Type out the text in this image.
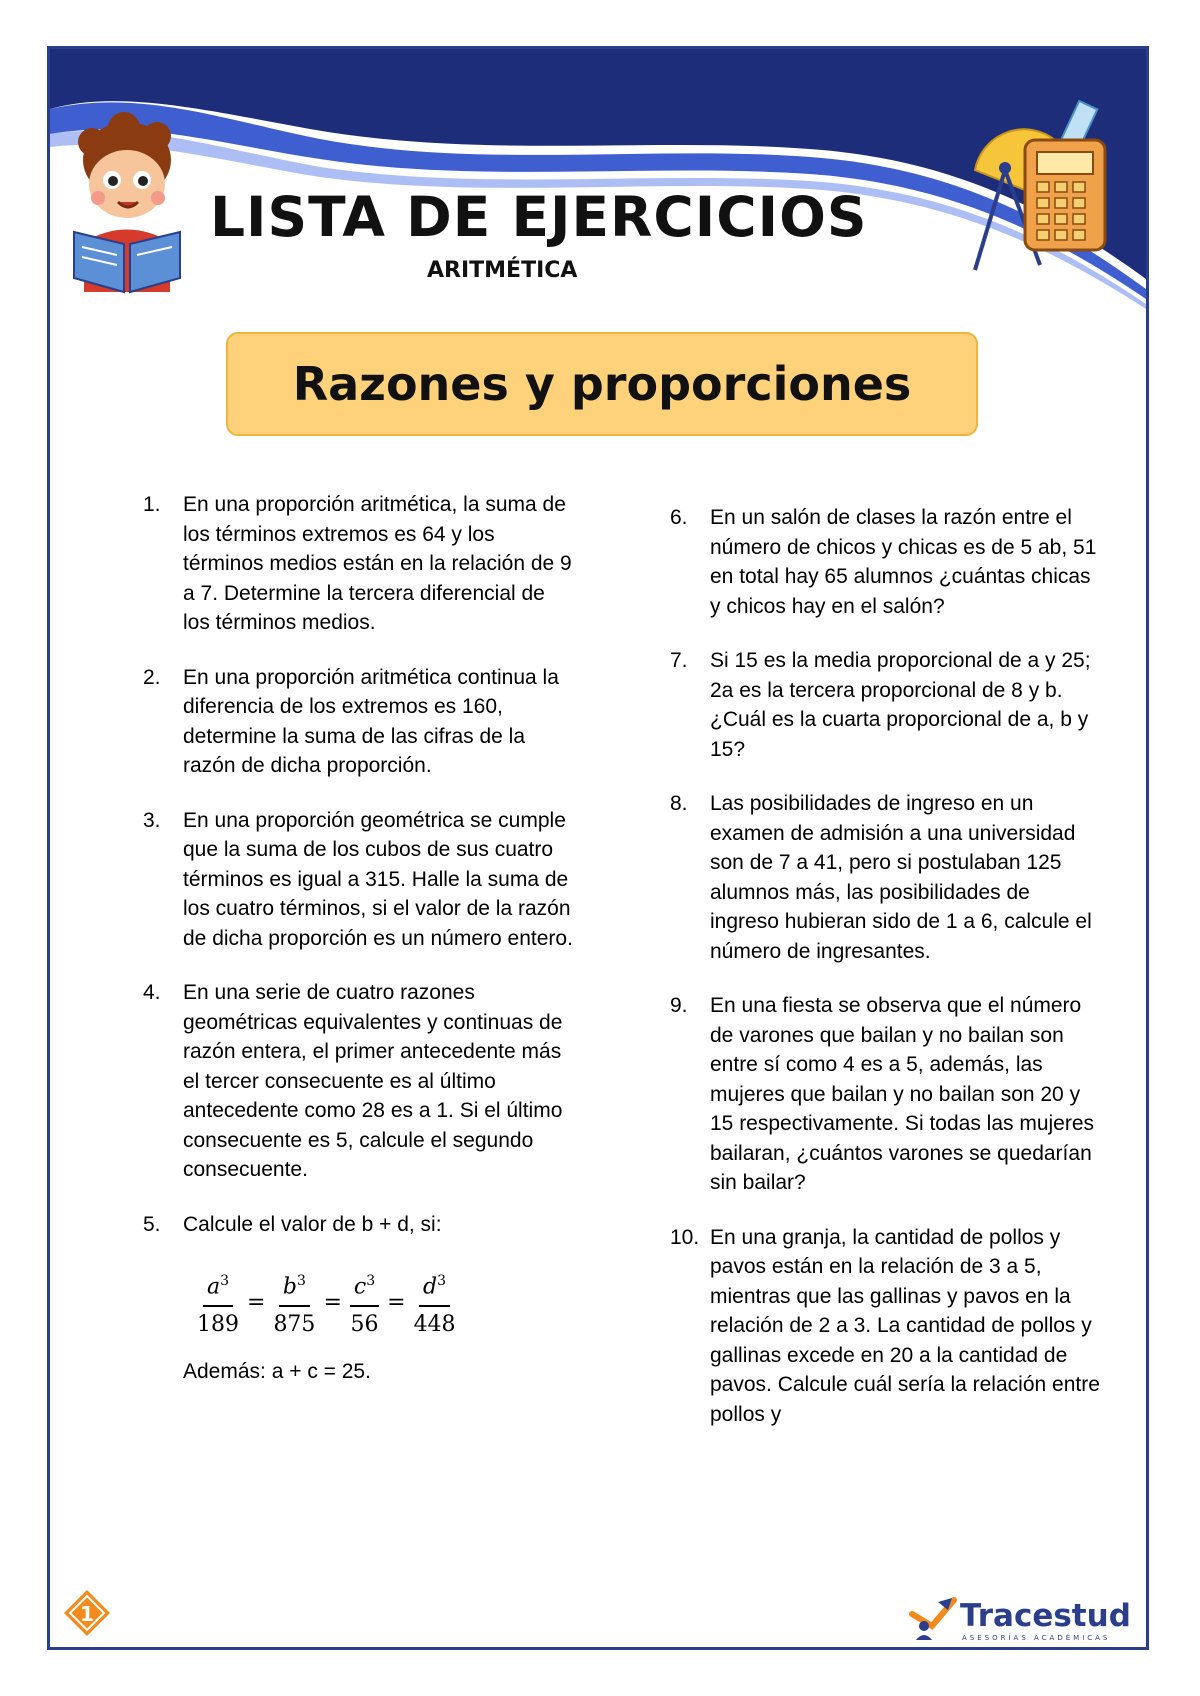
LISTA DE EJERCICIOS
ARITMÉTICA
Razones y proporciones
1. En una proporción aritmética, la suma de los términos extremos es 64 y los términos medios están en la relación de 9 a 7. Determine la tercera diferencial de los términos medios.
2. En una proporción aritmética continua la diferencia de los extremos es 160, determine la suma de las cifras de la razón de dicha proporción.
3. En una proporción geométrica se cumple que la suma de los cubos de sus cuatro términos es igual a 315. Halle la suma de los cuatro términos, si el valor de la razón de dicha proporción es un número entero.
4. En una serie de cuatro razones geométricas equivalentes y continuas de razón entera, el primer antecedente más el tercer consecuente es al último antecedente como 28 es a 1. Si el último consecuente es 5, calcule el segundo consecuente.
5. Calcule el valor de b + d, si:
$\frac{a^3}{189} = \frac{b^3}{875} = \frac{c^3}{56} = \frac{d^3}{448}$
Además: a + c = 25.
6. En un salón de clases la razón entre el número de chicos y chicas es de 5 ab, 51 en total hay 65 alumnos ¿cuántas chicas y chicos hay en el salón?
7. Si 15 es la media proporcional de a y 25; 2a es la tercera proporcional de 8 y b. ¿Cuál es la cuarta proporcional de a, b y 15?
8. Las posibilidades de ingreso en un examen de admisión a una universidad son de 7 a 41, pero si postulaban 125 alumnos más, las posibilidades de ingreso hubieran sido de 1 a 6, calcule el número de ingresantes.
9. En una fiesta se observa que el número de varones que bailan y no bailan son entre sí como 4 es a 5, además, las mujeres que bailan y no bailan son 20 y 15 respectivamente. Si todas las mujeres bailaran, ¿cuántos varones se quedarían sin bailar?
10. En una granja, la cantidad de pollos y pavos están en la relación de 3 a 5, mientras que las gallinas y pavos en la relación de 2 a 3. La cantidad de pollos y gallinas excede en 20 a la cantidad de pavos. Calcule cuál sería la relación entre pollos y
1	Tracestud
ASESORÍAS ACADÉMICAS
